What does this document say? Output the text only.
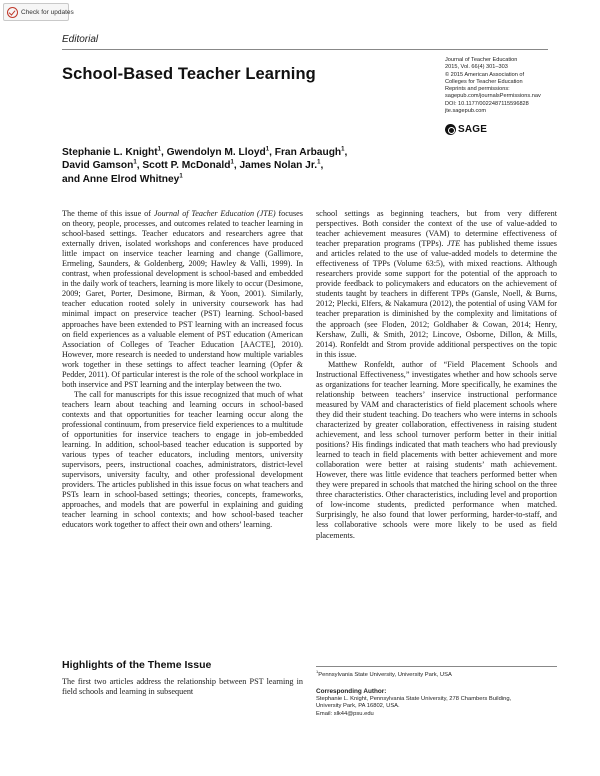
Check for updates
Editorial
School-Based Teacher Learning
Journal of Teacher Education
2015, Vol. 66(4) 301–303
© 2015 American Association of
Colleges for Teacher Education
Reprints and permissions:
sagepub.com/journalsPermissions.nav
DOI: 10.1177/0022487115596828
jte.sagepub.com
SAGE
Stephanie L. Knight$^1$, Gwendolyn M. Lloyd$^1$, Fran Arbaugh$^1$,
David Gamson$^1$, Scott P. McDonald$^1$, James Nolan Jr.$^1$,
and Anne Elrod Whitney$^1$

The theme of this issue of Journal of Teacher Education (JTE) focuses on theory, people, processes, and outcomes related to teacher learning in school-based settings. Teacher educators and researchers agree that externally driven, isolated workshops and conferences have produced little impact on inservice teacher learning and change (Gallimore, Ermeling, Saunders, & Goldenberg, 2009; Hawley & Valli, 1999). In contrast, when professional development is school-based and embedded in the daily work of teachers, learning is more likely to occur (Desimone, 2009; Garet, Porter, Desimone, Birman, & Yoon, 2001). Similarly, teacher education rooted solely in university coursework has had minimal impact on preservice teacher (PST) learning. School-based approaches have been extended to PST learning with an increased focus on field experiences as a valuable element of PST education (American Association of Colleges of Teacher Education [AACTE], 2010). However, more research is needed to understand how multiple variables work together in these settings to affect teacher learning (Opfer & Pedder, 2011). Of particular interest is the role of the school workplace in both inservice and PST learning and the interplay between the two.

The call for manuscripts for this issue recognized that much of what teachers learn about teaching and learning occurs in school-based contexts and that opportunities for teacher learning occur along the professional continuum, from preservice field experiences to a multitude of opportunities for inservice teachers to engage in job-embedded learning. In addition, school-based teacher education is supported by various types of teacher educators, including mentors, university supervisors, peers, instructional coaches, administrators, district-level supervisors, university faculty, and other professional development providers. The articles published in this issue focus on what teachers and PSTs learn in school-based settings; theories, concepts, frameworks, approaches, and models that are powerful in explaining and guiding teacher learning in school contexts; and how school-based teacher educators work together to affect their own and others’ learning.

Highlights of the Theme Issue

The first two articles address the relationship between PST learning in field schools and learning in subsequent

school settings as beginning teachers, but from very different perspectives. Both consider the context of the use of value-added to teacher achievement measures (VAM) to determine effectiveness of teacher preparation programs (TPPs). JTE has published theme issues and articles related to the use of value-added models to determine the effectiveness of TPPs (Volume 63:5), with mixed reactions. Although researchers provide some support for the potential of the approach to provide feedback to policymakers and educators on the achievement of students taught by teachers in different TPPs (Gansle, Noell, & Burns, 2012; Plecki, Elfers, & Nakamura (2012), the potential of using VAM for teacher preparation is diminished by the complexity and limitations of the approach (see Floden, 2012; Goldhaber & Cowan, 2014; Henry, Kershaw, Zulli, & Smith, 2012; Lincove, Osborne, Dillon, & Mills, 2014). Ronfeldt and Strom provide additional perspectives on the topic in this issue.

Matthew Ronfeldt, author of “Field Placement Schools and Instructional Effectiveness,” investigates whether and how schools serve as organizations for teacher learning. More specifically, he examines the relationship between teachers’ inservice instructional performance measured by VAM and characteristics of field placement schools where they did their student teaching. Do teachers who were interns in schools characterized by greater collaboration, effectiveness in raising student achievement, and less school turnover perform better in their initial positions? His findings indicated that math teachers who had previously learned to teach in field placements with better achievement and more collaboration were better at raising students’ math achievement. However, there was little evidence that teachers performed better when they were prepared in schools that matched the hiring school on the three three characteristics. Other characteristics, including level and proportion of low-income students, predicted performance when matched. Surprisingly, he also found that lower performing, harder-to-staff, and less collaborative schools were more likely to be used as field placements.

$^1$Pennsylvania State University, University Park, USA
Corresponding Author:
Stephanie L. Knight, Pennsylvania State University, 278 Chambers Building,
University Park, PA 16802, USA.
Email: slk44@psu.edu
